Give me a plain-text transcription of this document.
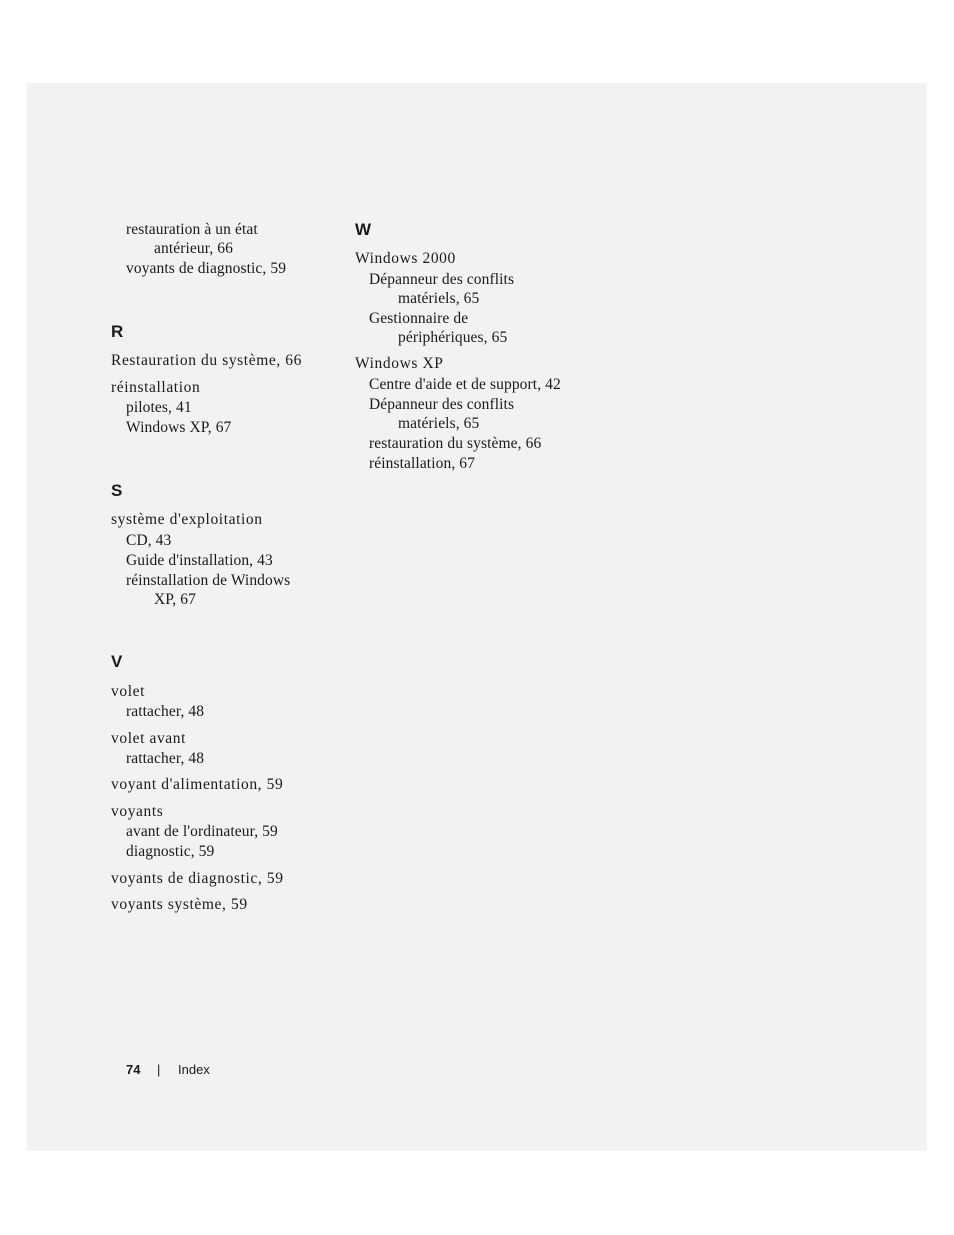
restauration à un état
antérieur, 66
voyants de diagnostic, 59
R
Restauration du système, 66
réinstallation
pilotes, 41
Windows XP, 67
S
système d'exploitation
CD, 43
Guide d'installation, 43
réinstallation de Windows
XP, 67
V
volet
rattacher, 48
volet avant
rattacher, 48
voyant d'alimentation, 59
voyants
avant de l'ordinateur, 59
diagnostic, 59
voyants de diagnostic, 59
voyants système, 59
W
Windows 2000
Dépanneur des conflits
matériels, 65
Gestionnaire de
périphériques, 65
Windows XP
Centre d'aide et de support, 42
Dépanneur des conflits
matériels, 65
restauration du système, 66
réinstallation, 67
74 | Index
